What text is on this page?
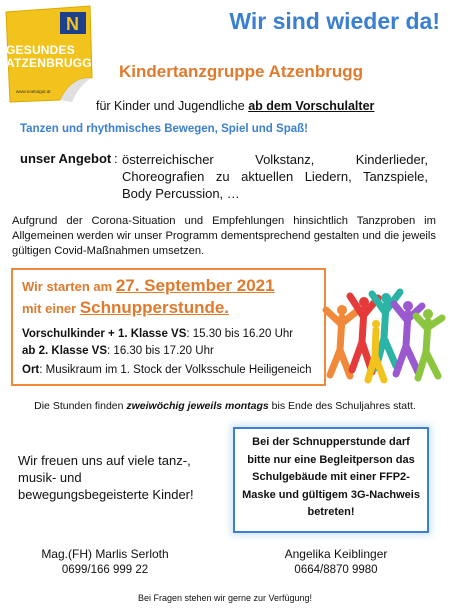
N
GESUNDES
ATZENBRUGG
www.noetutgut.at
Wir sind wieder da!
Kindertanzgruppe Atzenbrugg
für Kinder und Jugendliche ab dem Vorschulalter
Tanzen und rhythmisches Bewegen, Spiel und Spaß!
unser Angebot : österreichischer Volkstanz, Kinderlieder, Choreografien zu aktuellen Liedern, Tanzspiele, Body Percussion, …
Aufgrund der Corona-Situation und Empfehlungen hinsichtlich Tanzproben im Allgemeinen werden wir unser Programm dementsprechend gestalten und die jeweils gültigen Covid-Maßnahmen umsetzen.
Wir starten am 27. September 2021
mit einer Schnupperstunde.
Vorschulkinder + 1. Klasse VS: 15.30 bis 16.20 Uhr
ab 2. Klasse VS: 16.30 bis 17.20 Uhr
Ort: Musikraum im 1. Stock der Volksschule Heiligeneich
Die Stunden finden zweiwöchig jeweils montags bis Ende des Schuljahres statt.
Wir freuen uns auf viele tanz-, musik- und bewegungsbegeisterte Kinder!
Bei der Schnupperstunde darf bitte nur eine Begleitperson das Schulgebäude mit einer FFP2-Maske und gültigem 3G-Nachweis betreten!
Mag.(FH) Marlis Serloth
0699/166 999 22
Angelika Keiblinger
0664/8870 9980
Bei Fragen stehen wir gerne zur Verfügung!
